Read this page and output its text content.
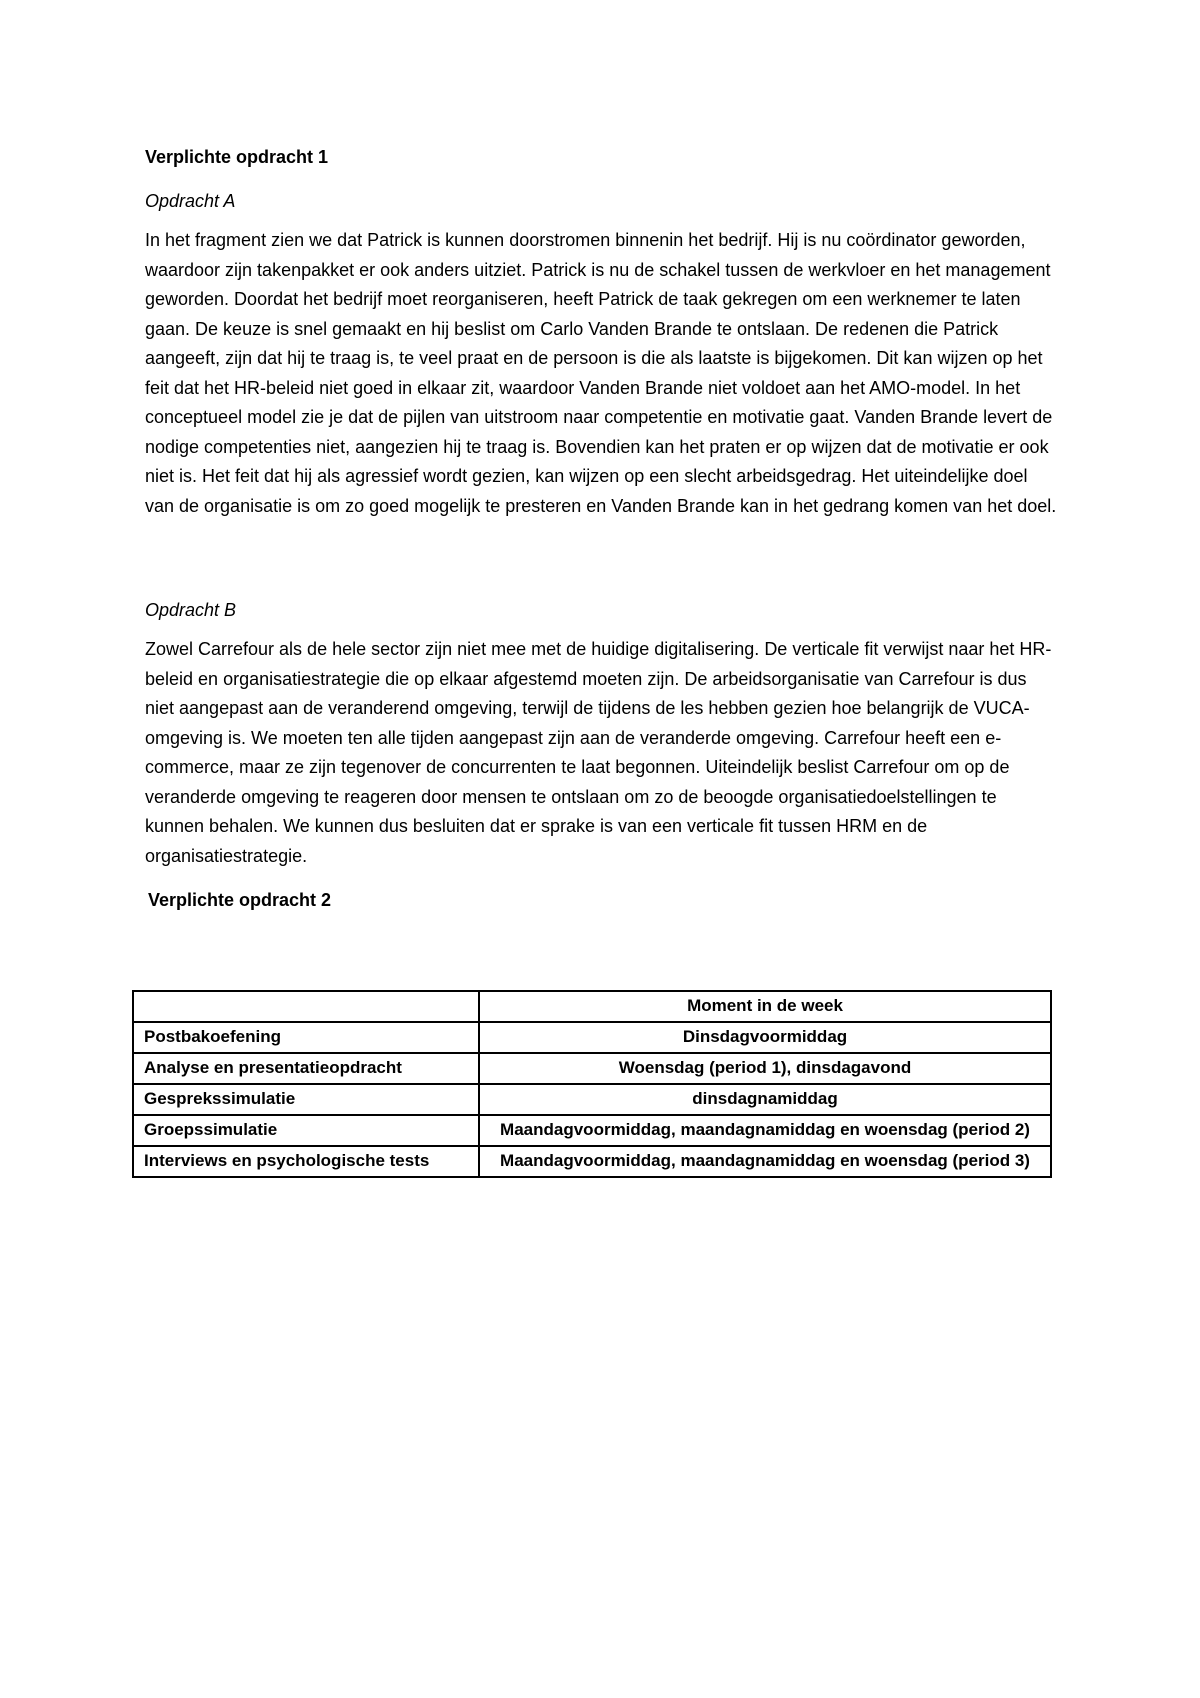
Verplichte opdracht 1

Opdracht A

In het fragment zien we dat Patrick is kunnen doorstromen binnenin het bedrijf. Hij is nu coördinator geworden, waardoor zijn takenpakket er ook anders uitziet. Patrick is nu de schakel tussen de werkvloer en het management geworden. Doordat het bedrijf moet reorganiseren, heeft Patrick de taak gekregen om een werknemer te laten gaan. De keuze is snel gemaakt en hij beslist om Carlo Vanden Brande te ontslaan. De redenen die Patrick aangeeft, zijn dat hij te traag is, te veel praat en de persoon is die als laatste is bijgekomen. Dit kan wijzen op het feit dat het HR-beleid niet goed in elkaar zit, waardoor Vanden Brande niet voldoet aan het AMO-model. In het conceptueel model zie je dat de pijlen van uitstroom naar competentie en motivatie gaat. Vanden Brande levert de nodige competenties niet, aangezien hij te traag is. Bovendien kan het praten er op wijzen dat de motivatie er ook niet is. Het feit dat hij als agressief wordt gezien, kan wijzen op een slecht arbeidsgedrag. Het uiteindelijke doel van de organisatie is om zo goed mogelijk te presteren en Vanden Brande kan in het gedrang komen van het doel.

Opdracht B

Zowel Carrefour als de hele sector zijn niet mee met de huidige digitalisering. De verticale fit verwijst naar het HR-beleid en organisatiestrategie die op elkaar afgestemd moeten zijn. De arbeidsorganisatie van Carrefour is dus niet aangepast aan de veranderend omgeving, terwijl de tijdens de les hebben gezien hoe belangrijk de VUCA- omgeving is. We moeten ten alle tijden aangepast zijn aan de veranderde omgeving. Carrefour heeft een e-commerce, maar ze zijn tegenover de concurrenten te laat begonnen. Uiteindelijk beslist Carrefour om op de veranderde omgeving te reageren door mensen te ontslaan om zo de beoogde organisatiedoelstellingen te kunnen behalen. We kunnen dus besluiten dat er sprake is van een verticale fit tussen HRM en de organisatiestrategie.

Verplichte opdracht 2

	Moment in de week
Postbakoefening	Dinsdagvoormiddag
Analyse en presentatieopdracht	Woensdag (period 1), dinsdagavond
Gesprekssimulatie	dinsdagnamiddag
Groepssimulatie	Maandagvoormiddag, maandagnamiddag en woensdag (period 2)
Interviews en psychologische tests	Maandagvoormiddag, maandagnamiddag en woensdag (period 3)
